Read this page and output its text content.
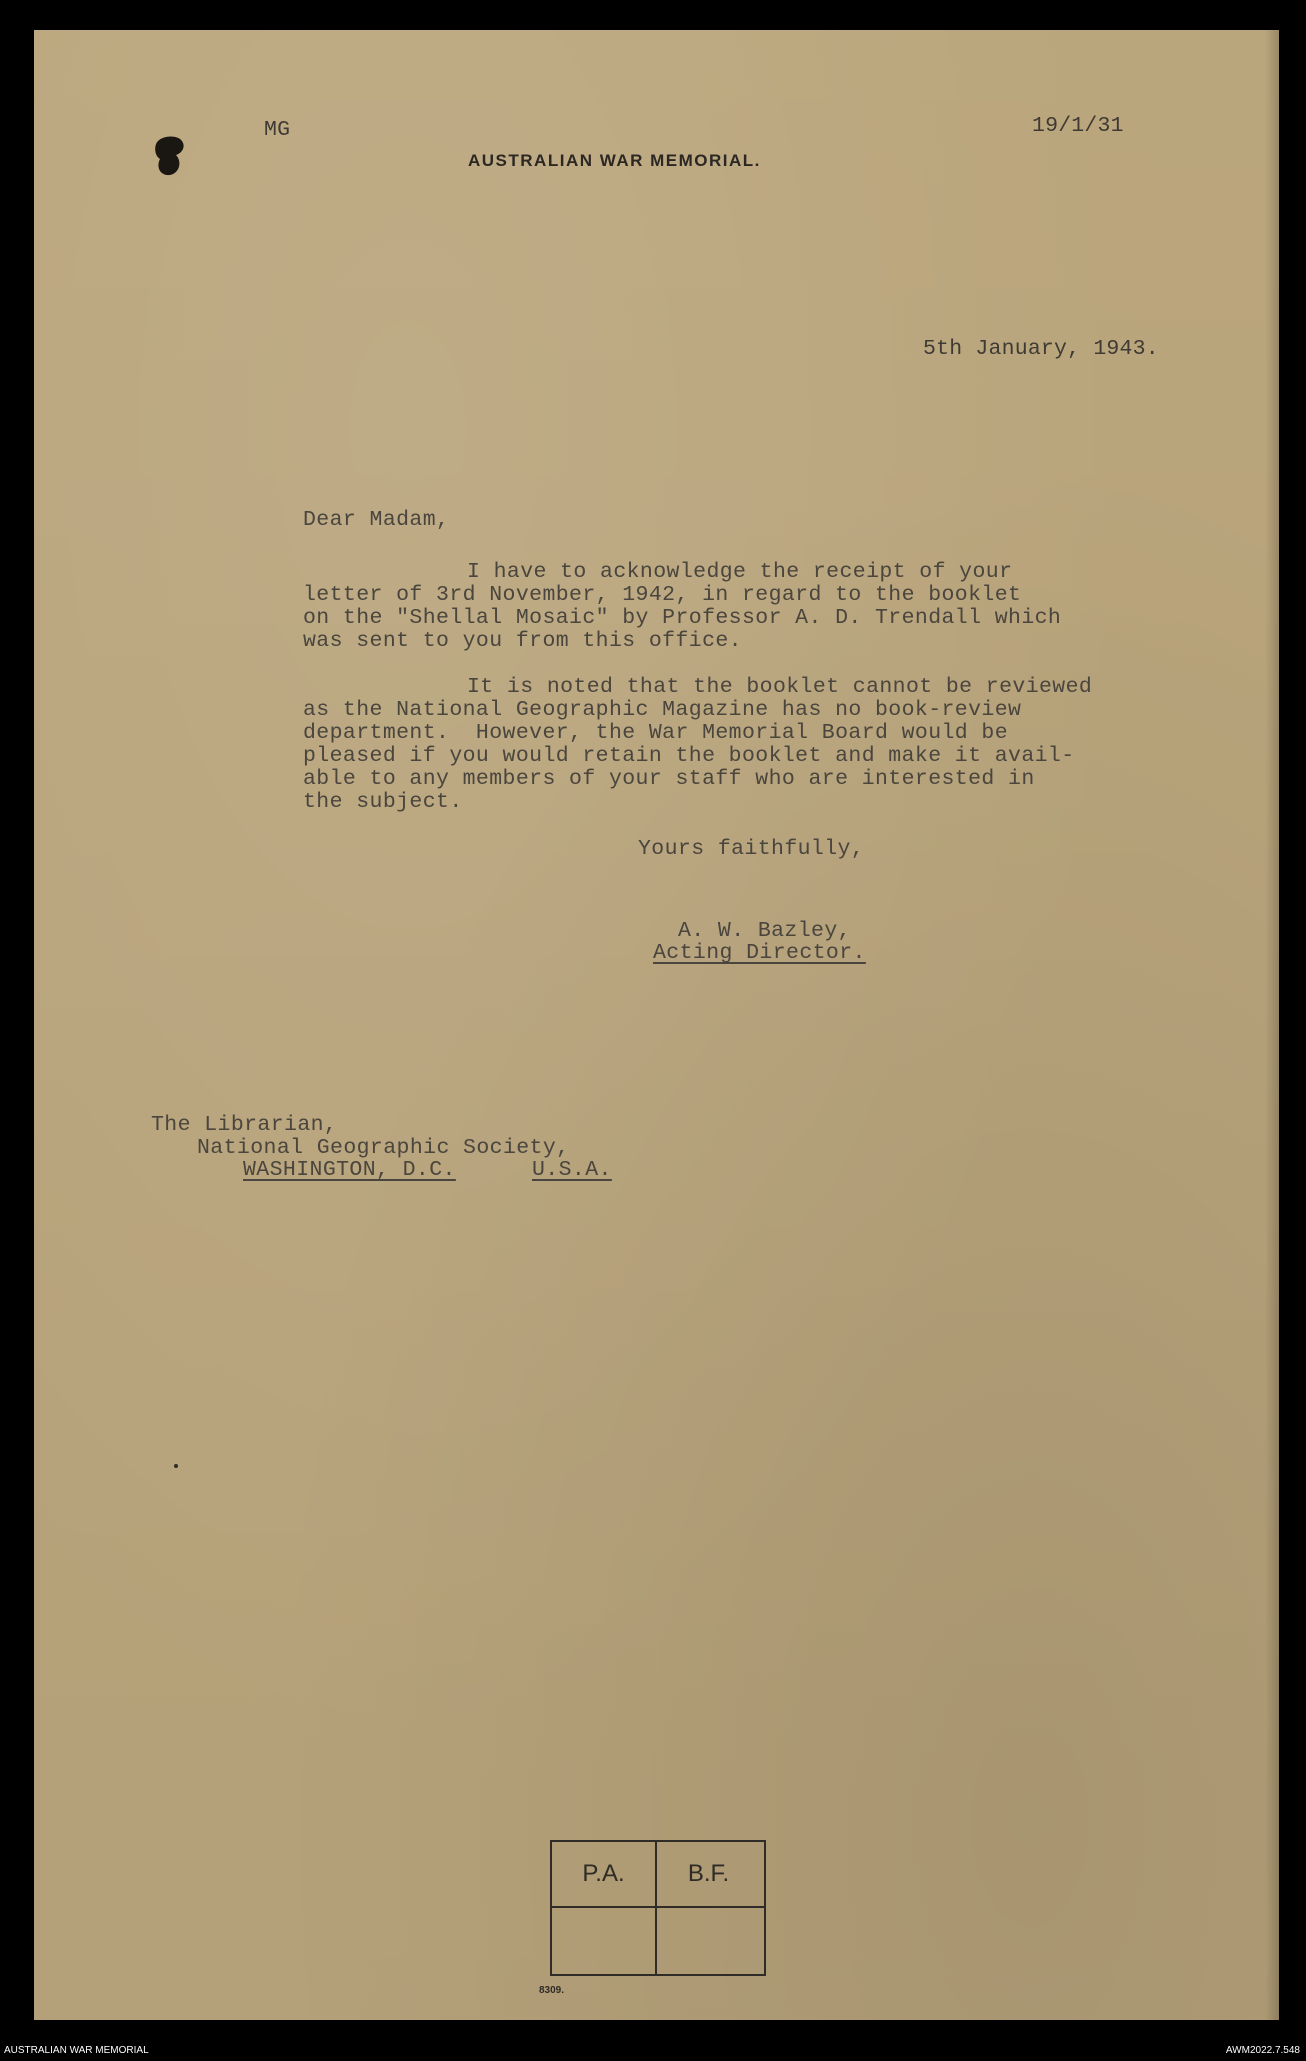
MG	19/1/31
AUSTRALIAN WAR MEMORIAL.
5th January, 1943.
Dear Madam,
I have to acknowledge the receipt of your
letter of 3rd November, 1942, in regard to the booklet
on the "Shellal Mosaic" by Professor A. D. Trendall which
was sent to you from this office.
It is noted that the booklet cannot be reviewed
as the National Geographic Magazine has no book-review
department.  However, the War Memorial Board would be
pleased if you would retain the booklet and make it avail-
able to any members of your staff who are interested in
the subject.
Yours faithfully,
A. W. Bazley,
Acting Director.
The Librarian,
National Geographic Society,
WASHINGTON, D.C.	U.S.A.
P.A.	B.F.
8309.
AUSTRALIAN WAR MEMORIAL	AWM2022.7.548
